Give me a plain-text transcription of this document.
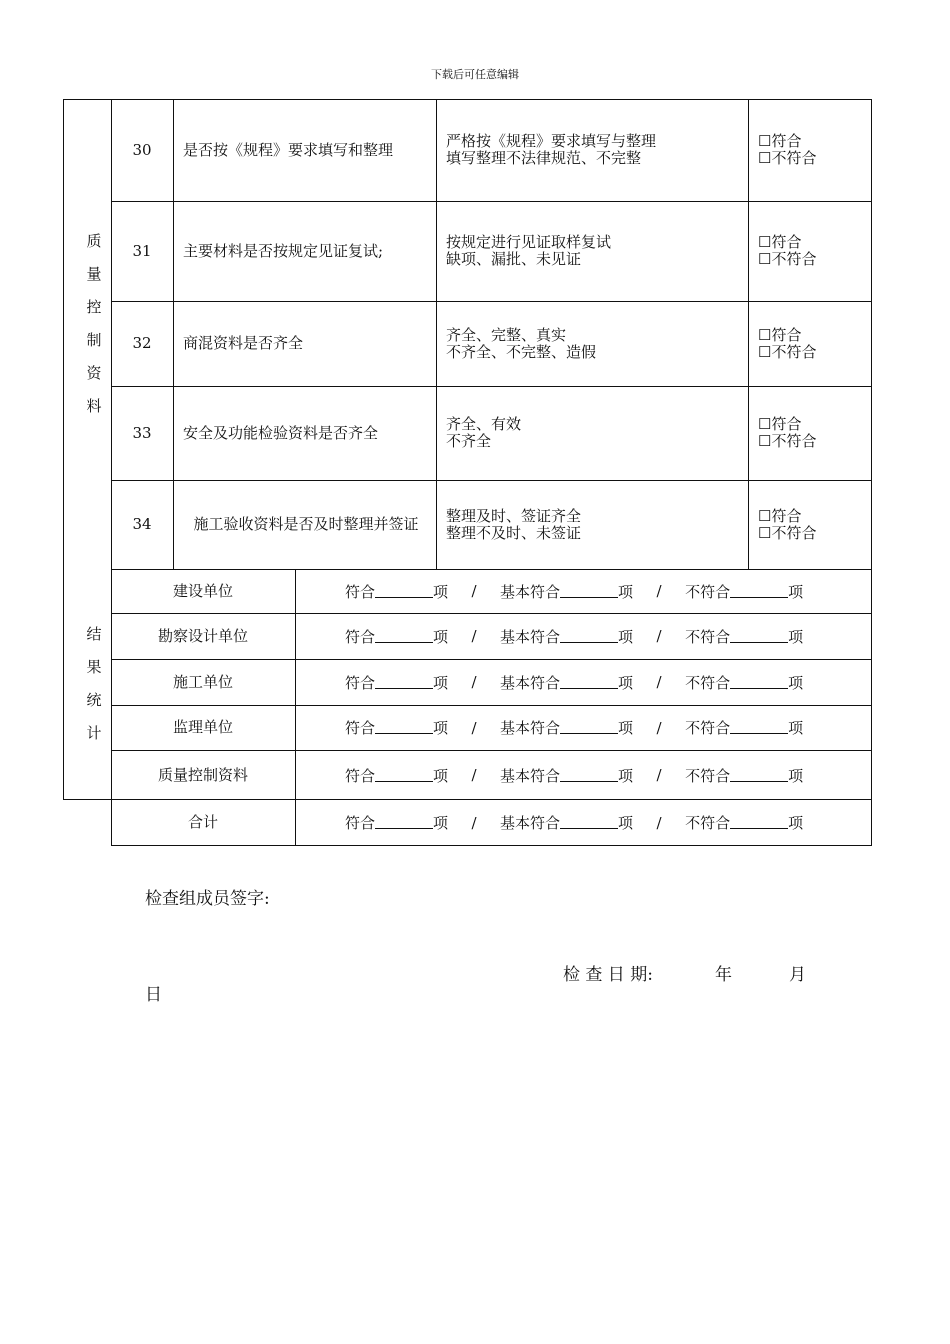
下载后可任意编辑
质
量
控
制
资
料
结
果
统
计
30	是否按《规程》要求填写和整理	严格按《规程》要求填写与整理
填写整理不法律规范、不完整
☐符合
☐不符合
31	主要材料是否按规定见证复试;	按规定进行见证取样复试
缺项、漏批、未见证
☐符合
☐不符合
32	商混资料是否齐全	齐全、完整、真实
不齐全、不完整、造假
☐符合
☐不符合
33	安全及功能检验资料是否齐全	齐全、有效
不齐全
☐符合
☐不符合
34	施工验收资料是否及时整理并签证	整理及时、签证齐全
整理不及时、未签证
☐符合
☐不符合
建设单位	符合	项	/	基本符合	项	/	不符合	项
勘察设计单位	符合	项	/	基本符合	项	/	不符合	项
施工单位	符合	项	/	基本符合	项	/	不符合	项
监理单位	符合	项	/	基本符合	项	/	不符合	项
质量控制资料	符合	项	/	基本符合	项	/	不符合	项
合计	符合	项	/	基本符合	项	/	不符合	项
检查组成员签字:
检 查 日 期:	年	月
日
